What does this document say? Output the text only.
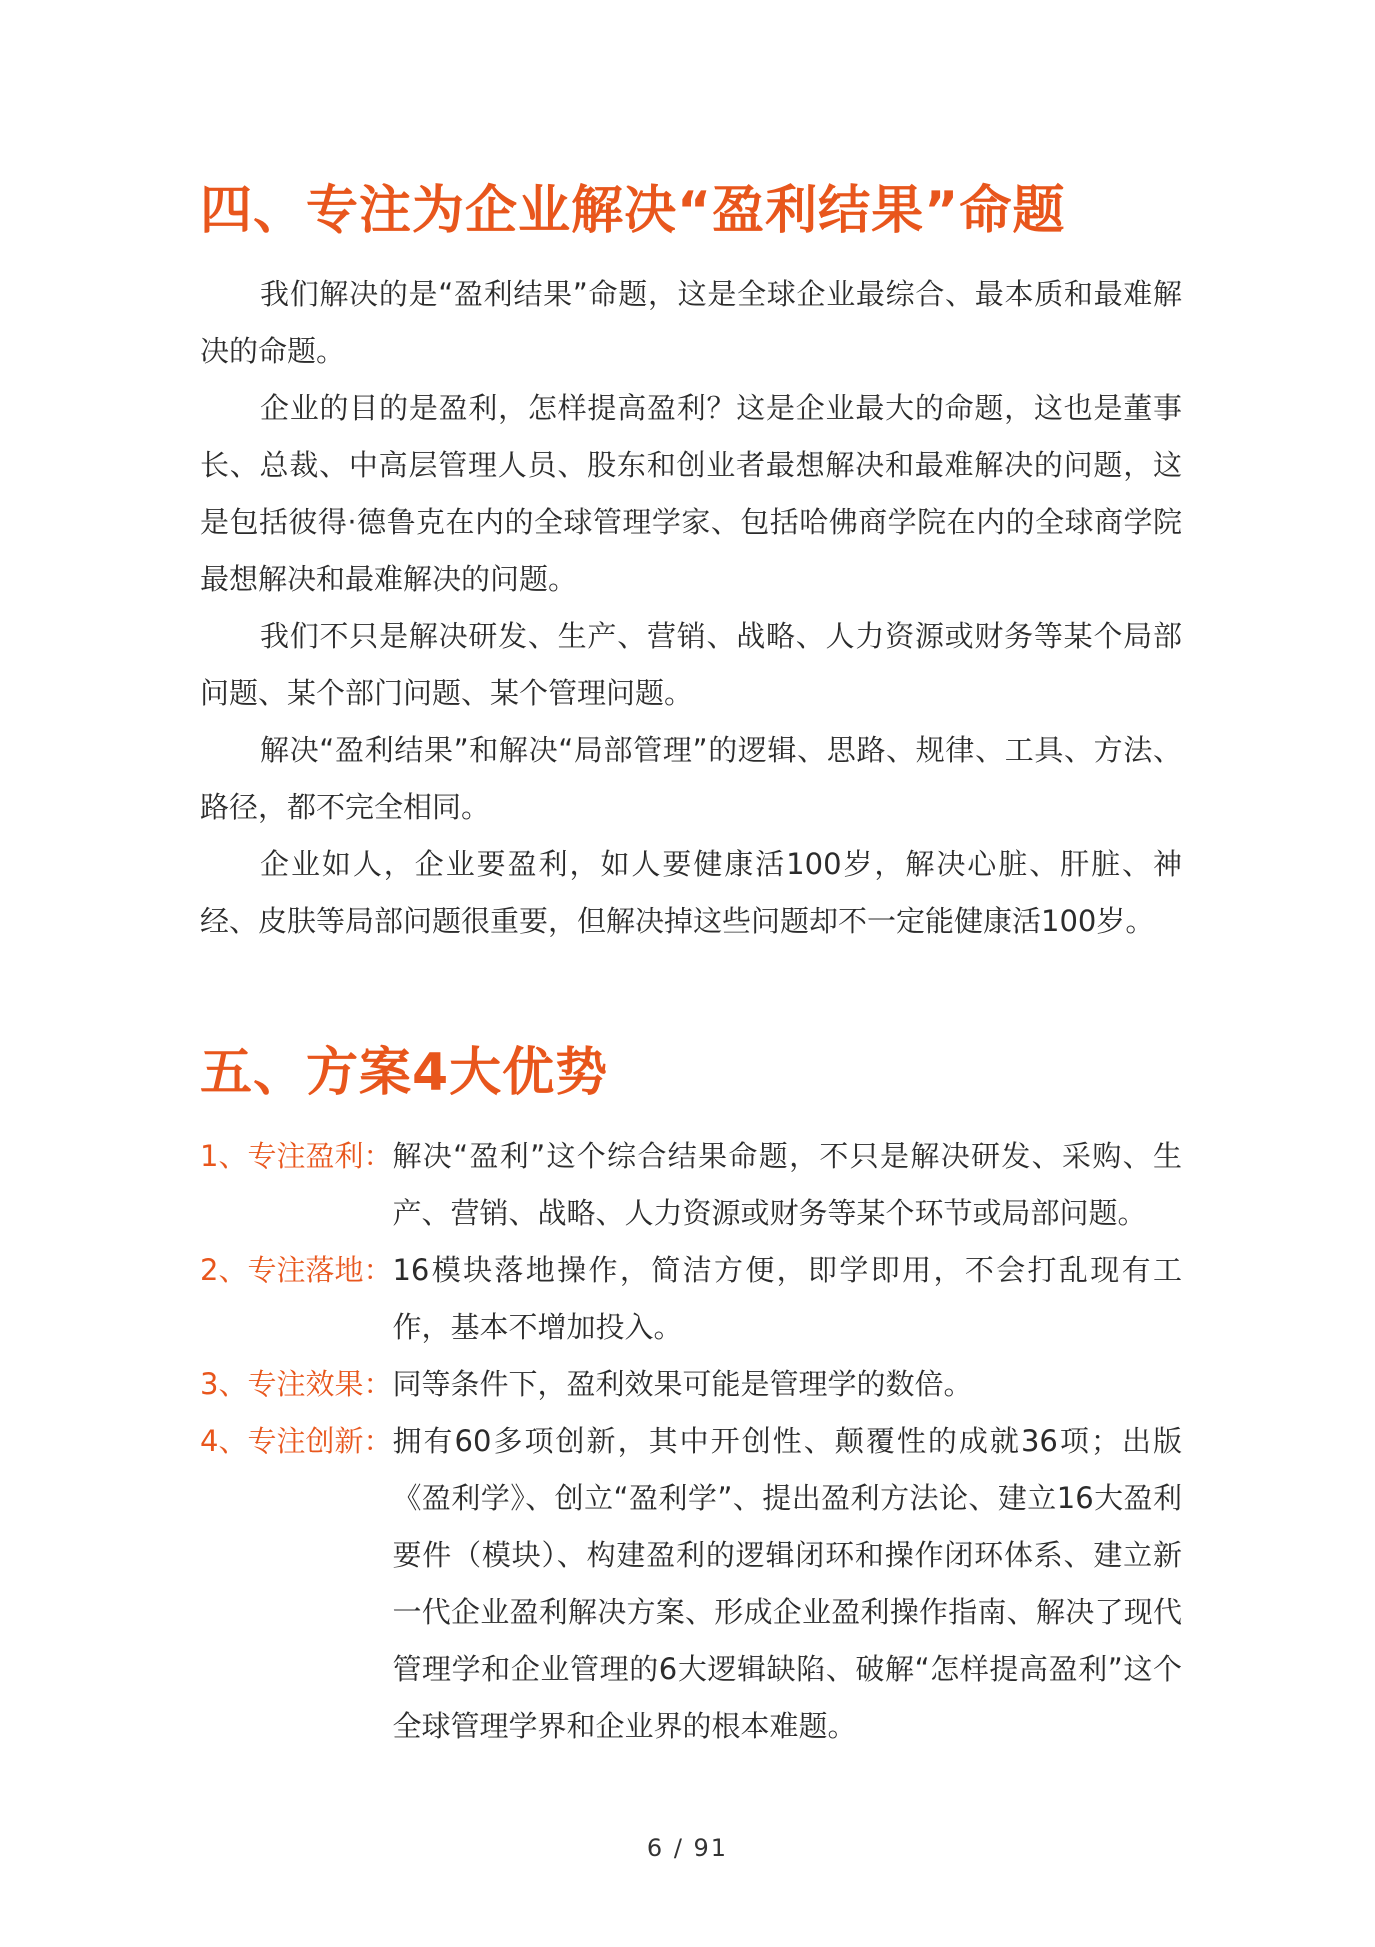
四、专注为企业解决“盈利结果”命题

我们解决的是“盈利结果”命题，这是全球企业最综合、最本质和最难解决的命题。

企业的目的是盈利，怎样提高盈利？这是企业最大的命题，这也是董事长、总裁、中高层管理人员、股东和创业者最想解决和最难解决的问题，这是包括彼得·德鲁克在内的全球管理学家、包括哈佛商学院在内的全球商学院最想解决和最难解决的问题。

我们不只是解决研发、生产、营销、战略、人力资源或财务等某个局部问题、某个部门问题、某个管理问题。

解决“盈利结果”和解决“局部管理”的逻辑、思路、规律、工具、方法、路径，都不完全相同。

企业如人，企业要盈利，如人要健康活100岁，解决心脏、肝脏、神经、皮肤等局部问题很重要，但解决掉这些问题却不一定能健康活100岁。

五、方案4大优势
1、专注盈利： 解决“盈利”这个综合结果命题，不只是解决研发、采购、生产、营销、战略、人力资源或财务等某个环节或局部问题。
2、专注落地： 16模块落地操作，简洁方便，即学即用，不会打乱现有工作，基本不增加投入。
3、专注效果： 同等条件下，盈利效果可能是管理学的数倍。
4、专注创新： 拥有60多项创新，其中开创性、颠覆性的成就36项；出版《盈利学》、创立“盈利学”、提出盈利方法论、建立16大盈利要件（模块）、构建盈利的逻辑闭环和操作闭环体系、建立新一代企业盈利解决方案、形成企业盈利操作指南、解决了现代管理学和企业管理的6大逻辑缺陷、破解“怎样提高盈利”这个全球管理学界和企业界的根本难题。
6 / 91
